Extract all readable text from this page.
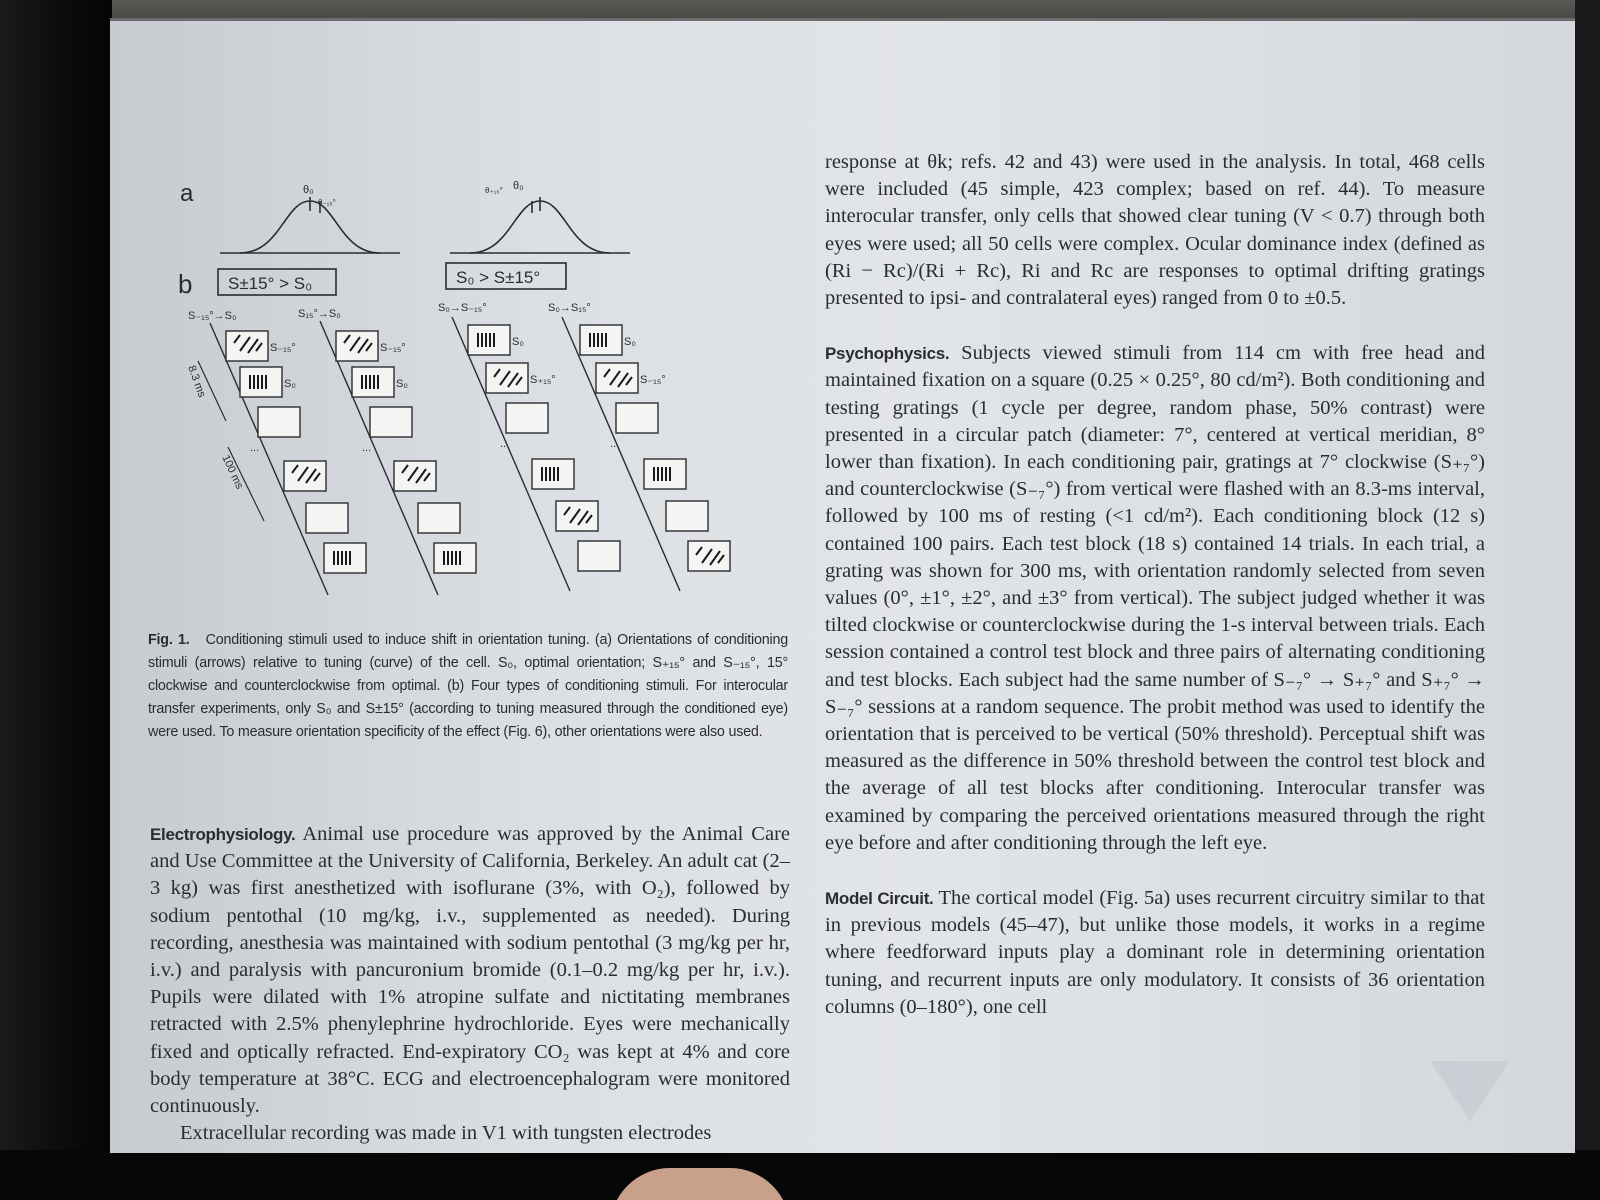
a
b
θ₀
θ₋₁₅°
θ₊₁₅° θ₀
S±15° > S₀	S₀ > S±15°
S₋₁₅°→S₀	S₁₅°→S₀	S₀→S₋₁₅°	S₀→S₁₅°
S₋₁₅°
S₀
S₋₁₅°
S₀
S₀
S₊₁₅°
S₀
S₋₁₅°
...	...	...	...
8.3 ms
100 ms
Fig. 1. Conditioning stimuli used to induce shift in orientation tuning. (a) Orientations of conditioning stimuli (arrows) relative to tuning (curve) of the cell. S₀, optimal orientation; S₊₁₅° and S₋₁₅°, 15° clockwise and counterclockwise from optimal. (b) Four types of conditioning stimuli. For interocular transfer experiments, only S₀ and S±15° (according to tuning measured through the conditioned eye) were used. To measure orientation specificity of the effect (Fig. 6), other orientations were also used.

Electrophysiology. Animal use procedure was approved by the Animal Care and Use Committee at the University of California, Berkeley. An adult cat (2–3 kg) was first anesthetized with isoflurane (3%, with O₂), followed by sodium pentothal (10 mg/kg, i.v., supplemented as needed). During recording, anesthesia was maintained with sodium pentothal (3 mg/kg per hr, i.v.) and paralysis with pancuronium bromide (0.1–0.2 mg/kg per hr, i.v.). Pupils were dilated with 1% atropine sulfate and nictitating membranes retracted with 2.5% phenylephrine hydrochloride. Eyes were mechanically fixed and optically refracted. End-expiratory CO₂ was kept at 4% and core body temperature at 38°C. ECG and electroencephalogram were monitored continuously.

Extracellular recording was made in V1 with tungsten electrodes

response at θk; refs. 42 and 43) were used in the analysis. In total, 468 cells were included (45 simple, 423 complex; based on ref. 44). To measure interocular transfer, only cells that showed clear tuning (V < 0.7) through both eyes were used; all 50 cells were complex. Ocular dominance index (defined as (Ri − Rc)/(Ri + Rc), Ri and Rc are responses to optimal drifting gratings presented to ipsi- and contralateral eyes) ranged from 0 to ±0.5.

Psychophysics. Subjects viewed stimuli from 114 cm with free head and maintained fixation on a square (0.25 × 0.25°, 80 cd/m²). Both conditioning and testing gratings (1 cycle per degree, random phase, 50% contrast) were presented in a circular patch (diameter: 7°, centered at vertical meridian, 8° lower than fixation). In each conditioning pair, gratings at 7° clockwise (S₊₇°) and counterclockwise (S₋₇°) from vertical were flashed with an 8.3-ms interval, followed by 100 ms of resting (<1 cd/m²). Each conditioning block (12 s) contained 100 pairs. Each test block (18 s) contained 14 trials. In each trial, a grating was shown for 300 ms, with orientation randomly selected from seven values (0°, ±1°, ±2°, and ±3° from vertical). The subject judged whether it was tilted clockwise or counterclockwise during the 1-s interval between trials. Each session contained a control test block and three pairs of alternating conditioning and test blocks. Each subject had the same number of S₋₇° → S₊₇° and S₊₇° → S₋₇° sessions at a random sequence. The probit method was used to identify the orientation that is perceived to be vertical (50% threshold). Perceptual shift was measured as the difference in 50% threshold between the control test block and the average of all test blocks after conditioning. Interocular transfer was examined by comparing the perceived orientations measured through the right eye before and after conditioning through the left eye.

Model Circuit. The cortical model (Fig. 5a) uses recurrent circuitry similar to that in previous models (45–47), but unlike those models, it works in a regime where feedforward inputs play a dominant role in determining orientation tuning, and recurrent inputs are only modulatory. It consists of 36 orientation columns (0–180°), one cell
